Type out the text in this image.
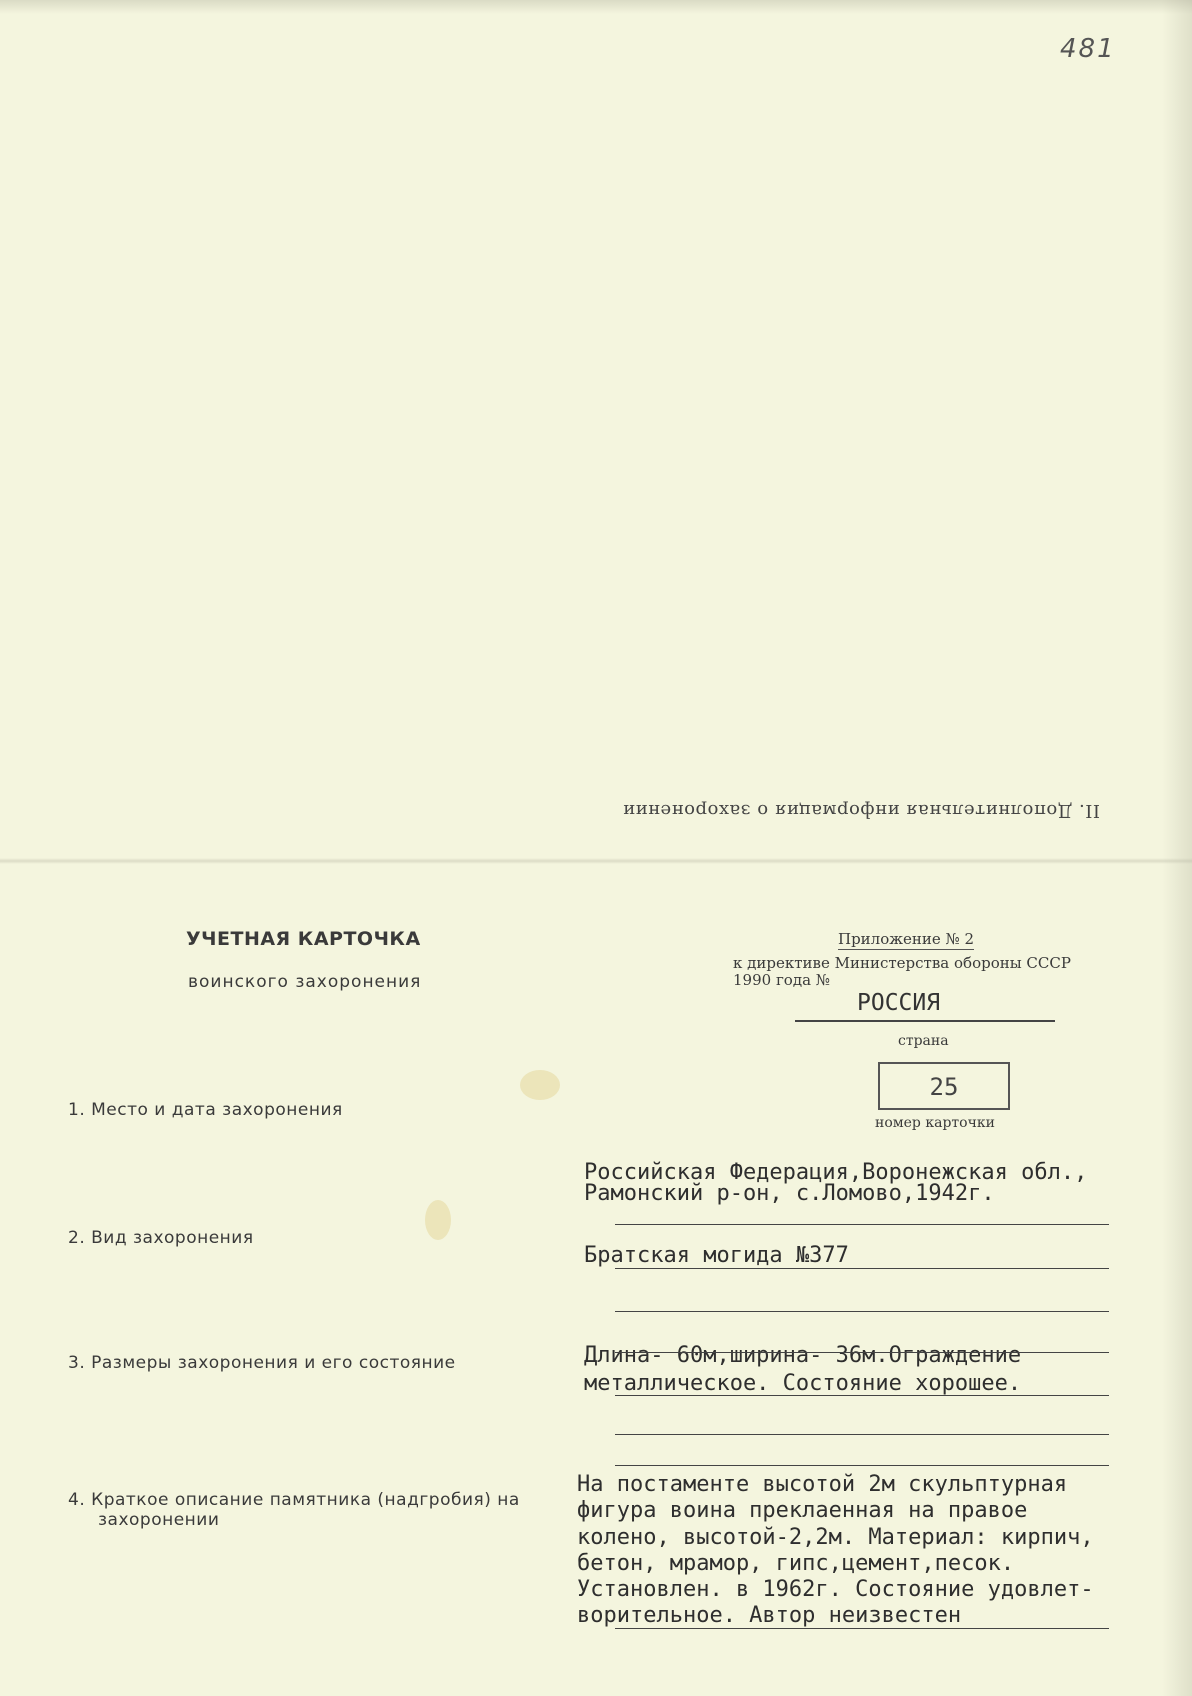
481
II. Дополнительная информация о захоронении
УЧЕТНАЯ КАРТОЧКА
воинского захоронения
Приложение № 2
к директиве Министерства обороны СССР
1990 года №
РОССИЯ
страна
25
номер карточки
1. Место и дата захоронения
Российская Федерация,Воронежская обл.,
Рамонский р-он, с.Ломово,1942г.
2. Вид захоронения
Братская могида №377
3. Размеры захоронения и его состояние	Длина- 60м,ширина- 36м.Ограждение
металлическое. Состояние хорошее.
4. Краткое описание памятника (надгробия) на
захоронении
На постаменте высотой 2м скульптурная
фигура воина преклаенная на правое
колено, высотой-2,2м. Материал: кирпич,
бетон, мрамор, гипс,цемент,песок.
Установлен. в 1962г. Состояние удовлет-
ворительное. Автор неизвестен
